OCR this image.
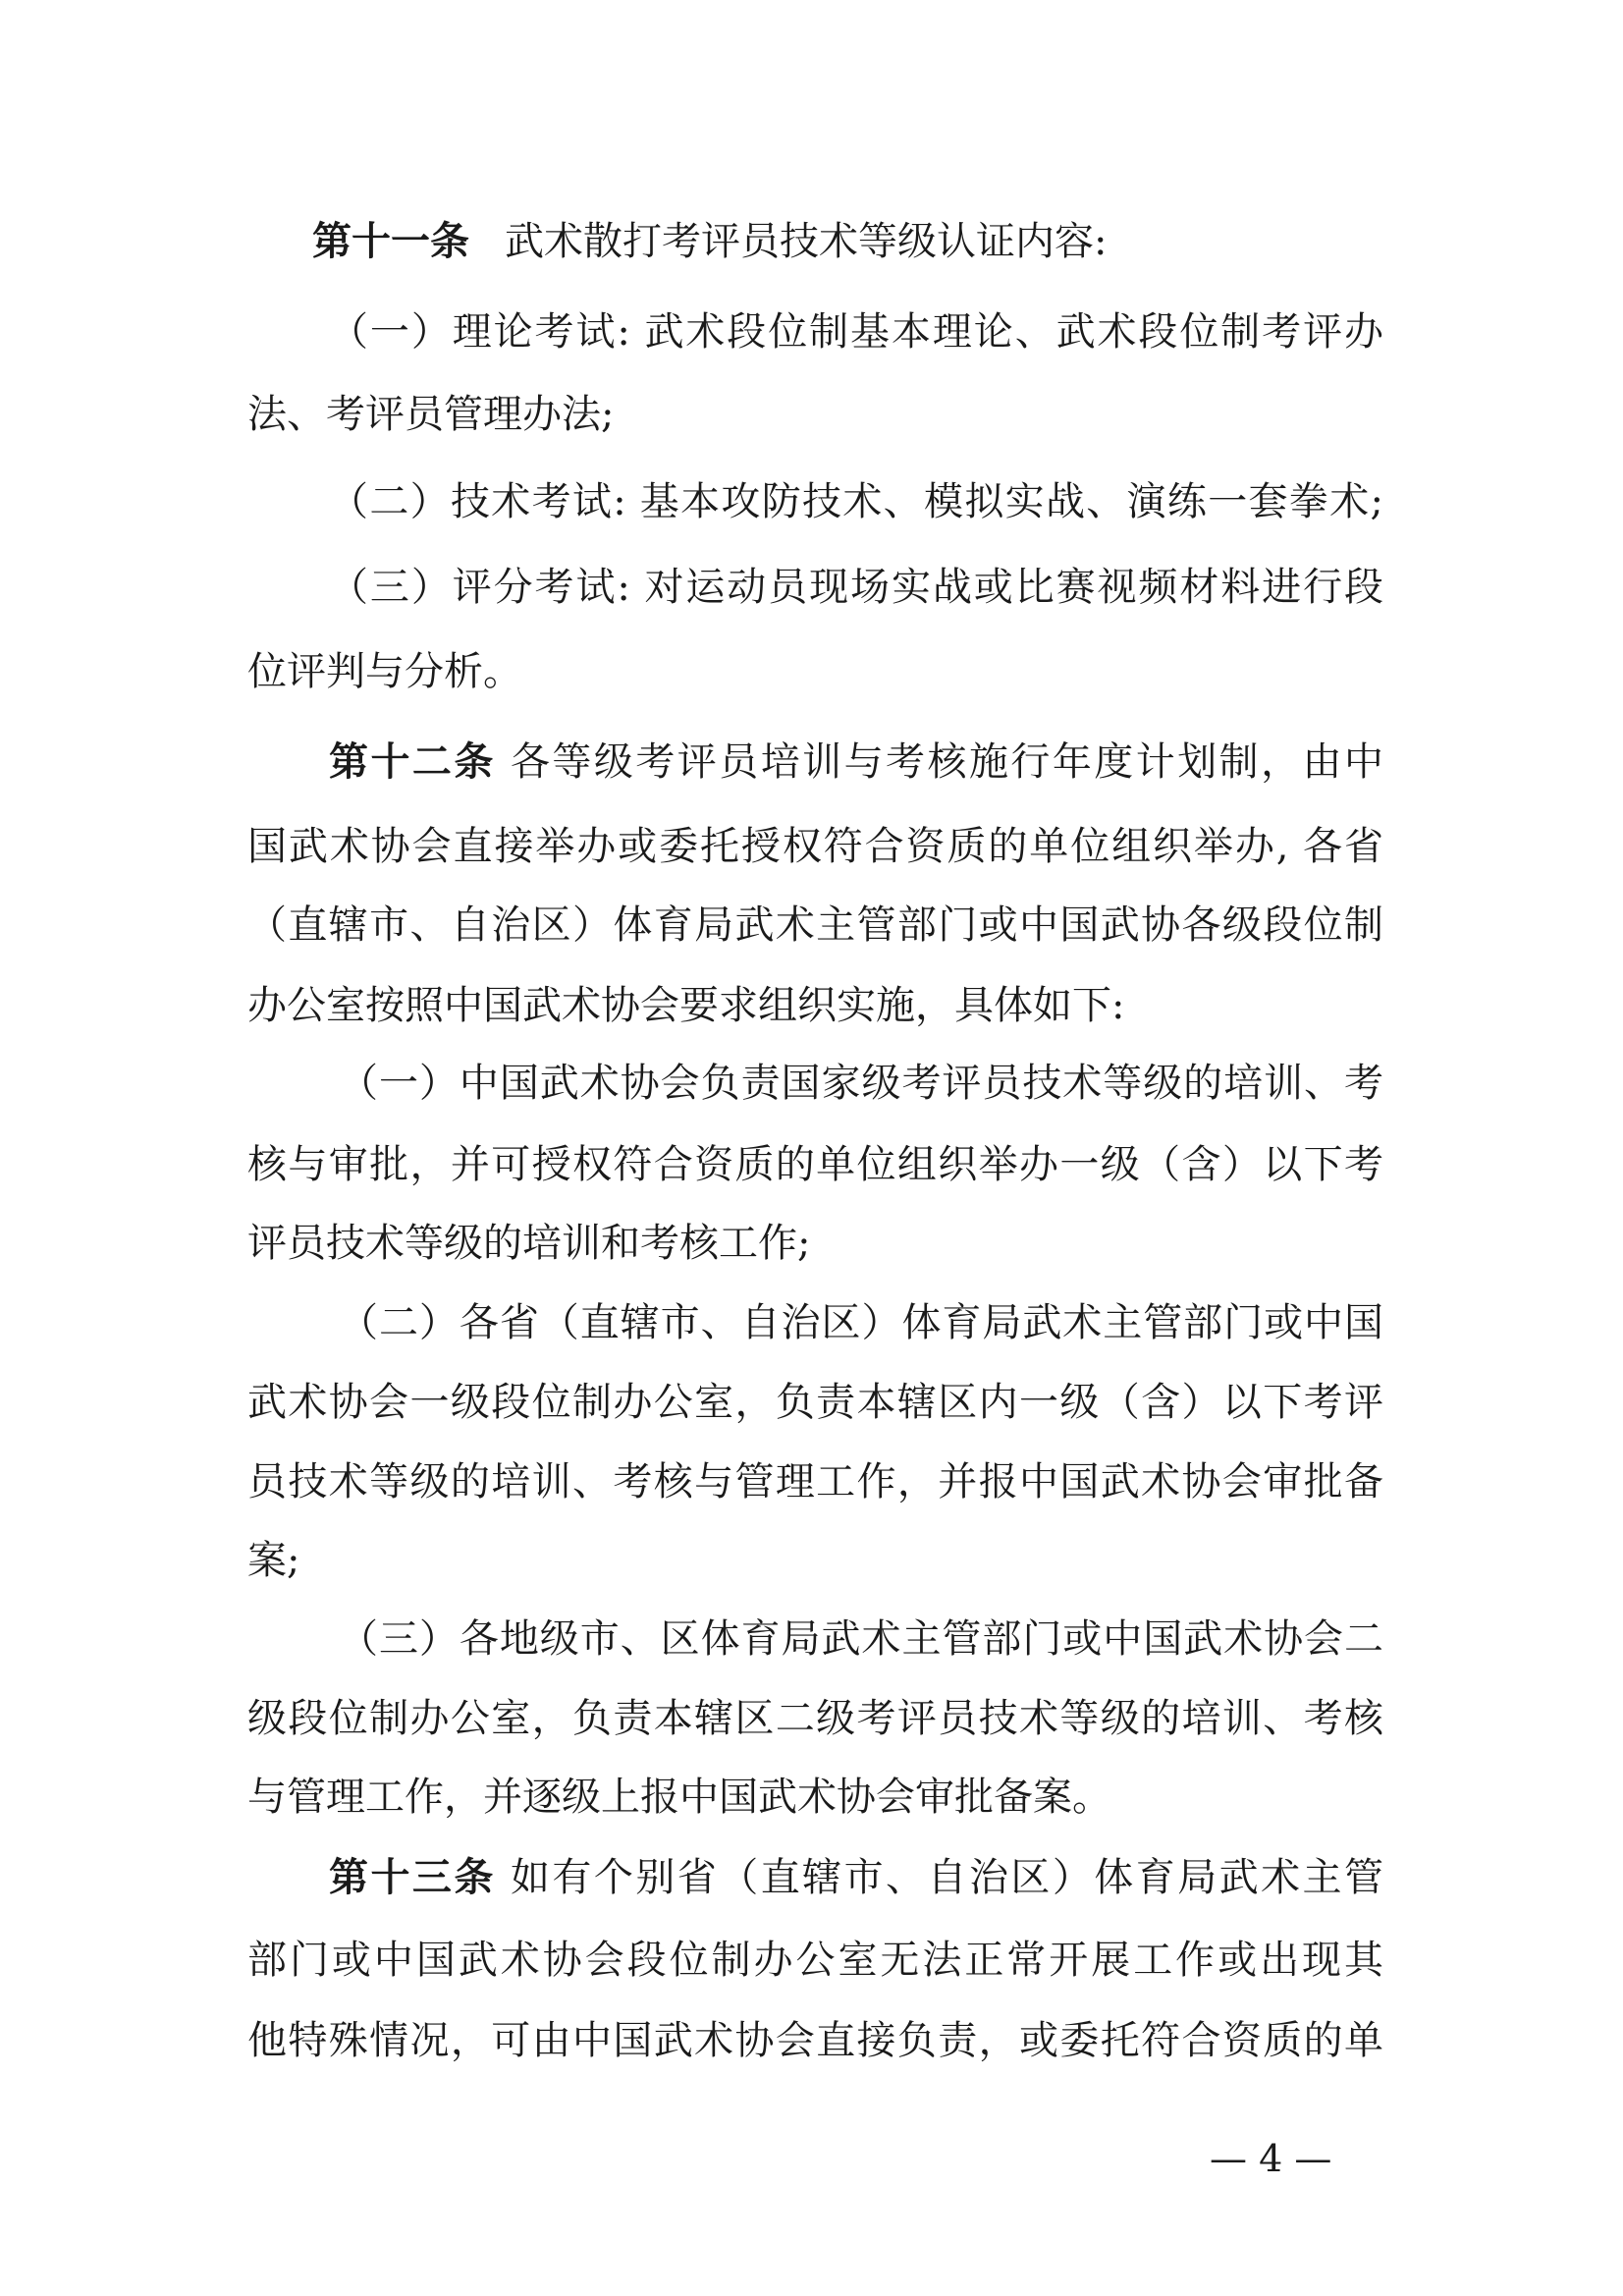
第十一条 武术散打考评员技术等级认证内容:
（一）理论考试: 武术段位制基本理论、武术段位制考评办
法、考评员管理办法;
（二）技术考试: 基本攻防技术、模拟实战、演练一套拳术;
（三）评分考试: 对运动员现场实战或比赛视频材料进行段
位评判与分析。
第十二条 各等级考评员培训与考核施行年度计划制，由中
国武术协会直接举办或委托授权符合资质的单位组织举办, 各省
（直辖市、自治区）体育局武术主管部门或中国武协各级段位制
办公室按照中国武术协会要求组织实施，具体如下:
（一）中国武术协会负责国家级考评员技术等级的培训、考
核与审批，并可授权符合资质的单位组织举办一级（含）以下考
评员技术等级的培训和考核工作;
（二）各省（直辖市、自治区）体育局武术主管部门或中国
武术协会一级段位制办公室，负责本辖区内一级（含）以下考评
员技术等级的培训、考核与管理工作，并报中国武术协会审批备
案;
（三）各地级市、区体育局武术主管部门或中国武术协会二
级段位制办公室，负责本辖区二级考评员技术等级的培训、考核
与管理工作，并逐级上报中国武术协会审批备案。
第十三条 如有个别省（直辖市、自治区）体育局武术主管
部门或中国武术协会段位制办公室无法正常开展工作或出现其
他特殊情况，可由中国武术协会直接负责，或委托符合资质的单
— 4 —
